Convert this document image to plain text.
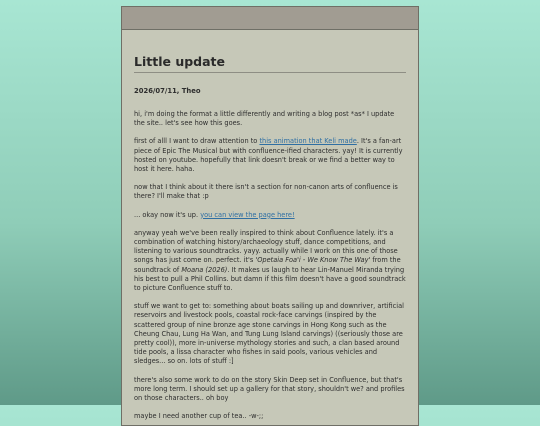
Little update
2026/07/11, Theo

hi, i'm doing the format a little differently and writing a blog post *as* I update the site.. let's see how this goes.

first of alll I want to draw attention to this animation that Keli made. It's a fan-art piece of Epic The Musical but with confluence-ified characters. yay! It is currently hosted on youtube. hopefully that link doesn't break or we find a better way to host it here. haha.

now that I think about it there isn't a section for non-canon arts of confluence is there? I'll make that :p

... okay now it's up. you can view the page here!

anyway yeah we've been really inspired to think about Confluence lately. it's a combination of watching history/archaeology stuff, dance competitions, and listening to various soundtracks. yayy. actually while I work on this one of those songs has just come on. perfect. it's 'Opetaia Foa'i - We Know The Way' from the soundtrack of Moana (2026). It makes us laugh to hear Lin-Manuel Miranda trying his best to pull a Phil Collins. but damn if this film doesn't have a good soundtrack to picture Confluence stuff to.

stuff we want to get to: something about boats sailing up and downriver, artificial reservoirs and livestock pools, coastal rock-face carvings (inspired by the scattered group of nine bronze age stone carvings in Hong Kong such as the Cheung Chau, Lung Ha Wan, and Tung Lung Island carvings) ((seriously those are pretty cool)), more in-universe mythology stories and such, a clan based around tide pools, a lissa character who fishes in said pools, various vehicles and sledges... so on. lots of stuff :]

there's also some work to do on the story Skin Deep set in Confluence, but that's more long term. I should set up a gallery for that story, shouldn't we? and profiles on those characters.. oh boy

maybe I need another cup of tea.. -w-;;
